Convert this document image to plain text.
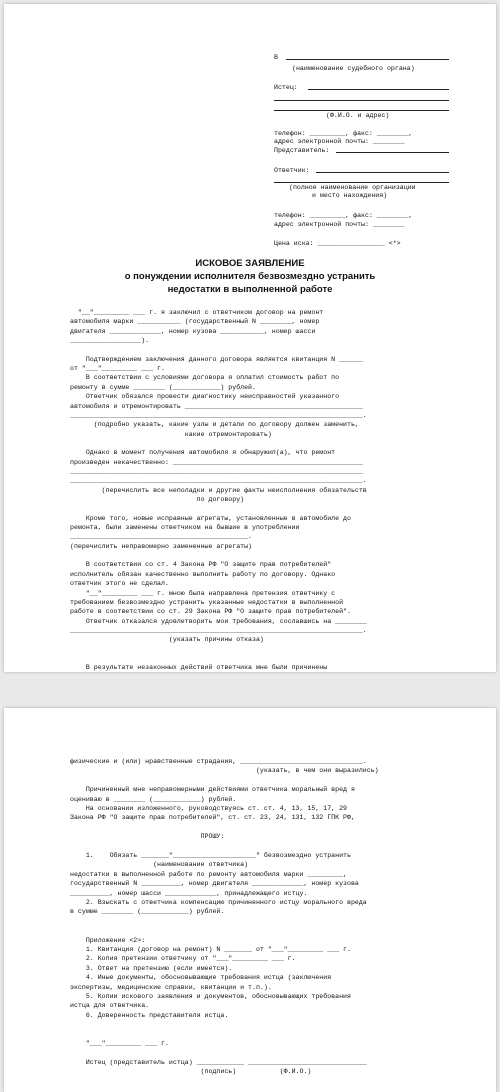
В
(наименование судебного органа)
Истец:
(Ф.И.О. и адрес)
телефон: _________, факс: ________,
адрес электронной почты: ________
Представитель:
Ответчик:
(полное наименование организации
и место нахождения)
телефон: _________, факс: ________,
адрес электронной почты: ________
Цена иска: _________________ <*>
ИСКОВОЕ ЗАЯВЛЕНИЕ
о понуждении исполнителя безвозмездно устранить
недостатки в выполненной работе
"__"_________ ___ г. я заключил с ответчиком договор на ремонт
автомобиля марки ___________ (государственный N ________, номер
двигателя _____________, номер кузова ___________, номер шасси
__________________).
Подтверждением заключения данного договора является квитанция N ______
от "___"_________ ___ г.
В соответствии с условиями договора я оплатил стоимость работ по
ремонту в сумме ________ (____________) рублей.
Ответчик обязался провести диагностику неисправностей указанного
автомобиля и отремонтировать _____________________________________________
__________________________________________________________________________.
(подробно указать, какие узлы и детали по договору должен заменить,
какие отремонтировать)
Однако в момент получения автомобиля я обнаружил(а), что ремонт
произведен некачественно: ________________________________________________
__________________________________________________________________________
__________________________________________________________________________.
(перечислить все неполадки и другие факты неисполнения обязательств
по договору)
Кроме того, новые исправные агрегаты, установленные в автомобиле до
ремонта, были заменены ответчиком на бывшие в употреблении
_____________________________________________.
(перечислить неправомерно замененные агрегаты)
В соответствии со ст. 4 Закона РФ "О защите прав потребителей"
исполнитель обязан качественно выполнить работу по договору. Однако
ответчик этого не сделал.
"__"_________ ___ г. мною была направлена претензия ответчику с
требованием безвозмездно устранить указанные недостатки в выполненной
работе в соответствии со ст. 29 Закона РФ "О защите прав потребителей".
Ответчик отказался удовлетворить мои требования, сославшись на ________
__________________________________________________________________________.
(указать причины отказа)
В результате незаконных действий ответчика мне были причинены
физические и (или) нравственные страдания, _______________________________.
(указать, в чем они выразились)
Причиненный мне неправомерными действиями ответчика моральный вред я
оцениваю в ________ (____________) рублей.
На основании изложенного, руководствуясь ст. ст. 4, 13, 15, 17, 29
Закона РФ "О защите прав потребителей", ст. ст. 23, 24, 131, 132 ГПК РФ,
ПРОШУ:
1.    Обязать _______"_____________________" безвозмездно устранить
(наименование ответчика)
недостатки в выполненной работе по ремонту автомобиля марки _________,
государственный N __________, номер двигателя _____________, номер кузова
__________, номер шасси _____________, принадлежащего истцу.
2. Взыскать с ответчика компенсацию причиненного истцу морального вреда
в сумме ________ (____________) рублей.
Приложение <2>:
1. Квитанция (договор на ремонт) N _______ от "___"_________ ___ г.
2. Копия претензии ответчику от "___"_________ ___ г.
3. Ответ на претензию (если имеется).
4. Иные документы, обосновывающие требования истца (заключения
экспертизы, медицинские справки, квитанции и т.п.).
5. Копии искового заявления и документов, обосновывающих требования
истца для ответчика.
6. Доверенность представителя истца.
"___"_________ ___ г.
Истец (представитель истца) ____________ ______________________________
(подпись)           (Ф.И.О.)
